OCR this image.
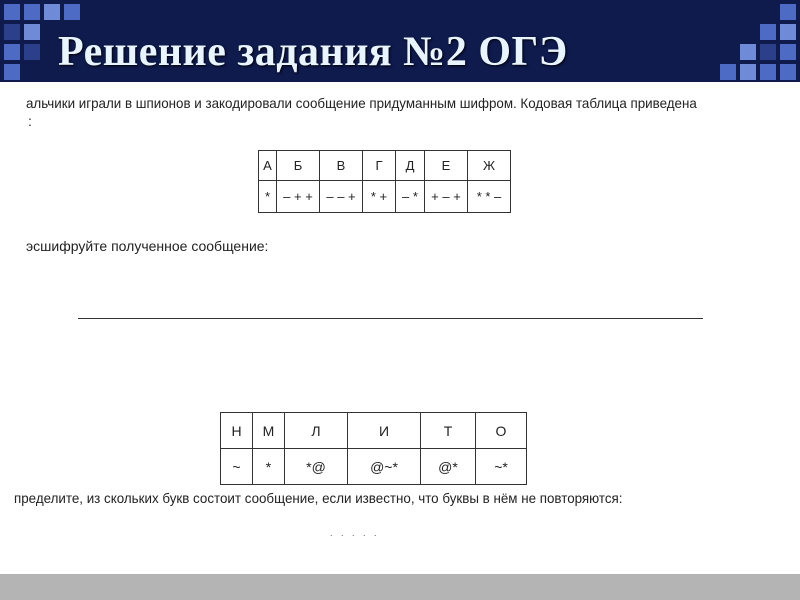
Решение задания №2 ОГЭ
альчики играли в шпионов и закодировали сообщение придуманным шифром. Кодовая таблица приведена
:
А	Б	В	Г	Д	Е	Ж
*	– + +	– – +	* +	– *	+ – +	* * –
эсшифруйте полученное сообщение:
Н	М	Л	И	Т	О
~	*	*@	@~*	@*	~*
пределите, из скольких букв состоит сообщение, если известно, что буквы в нём не повторяются:
. . . . .
